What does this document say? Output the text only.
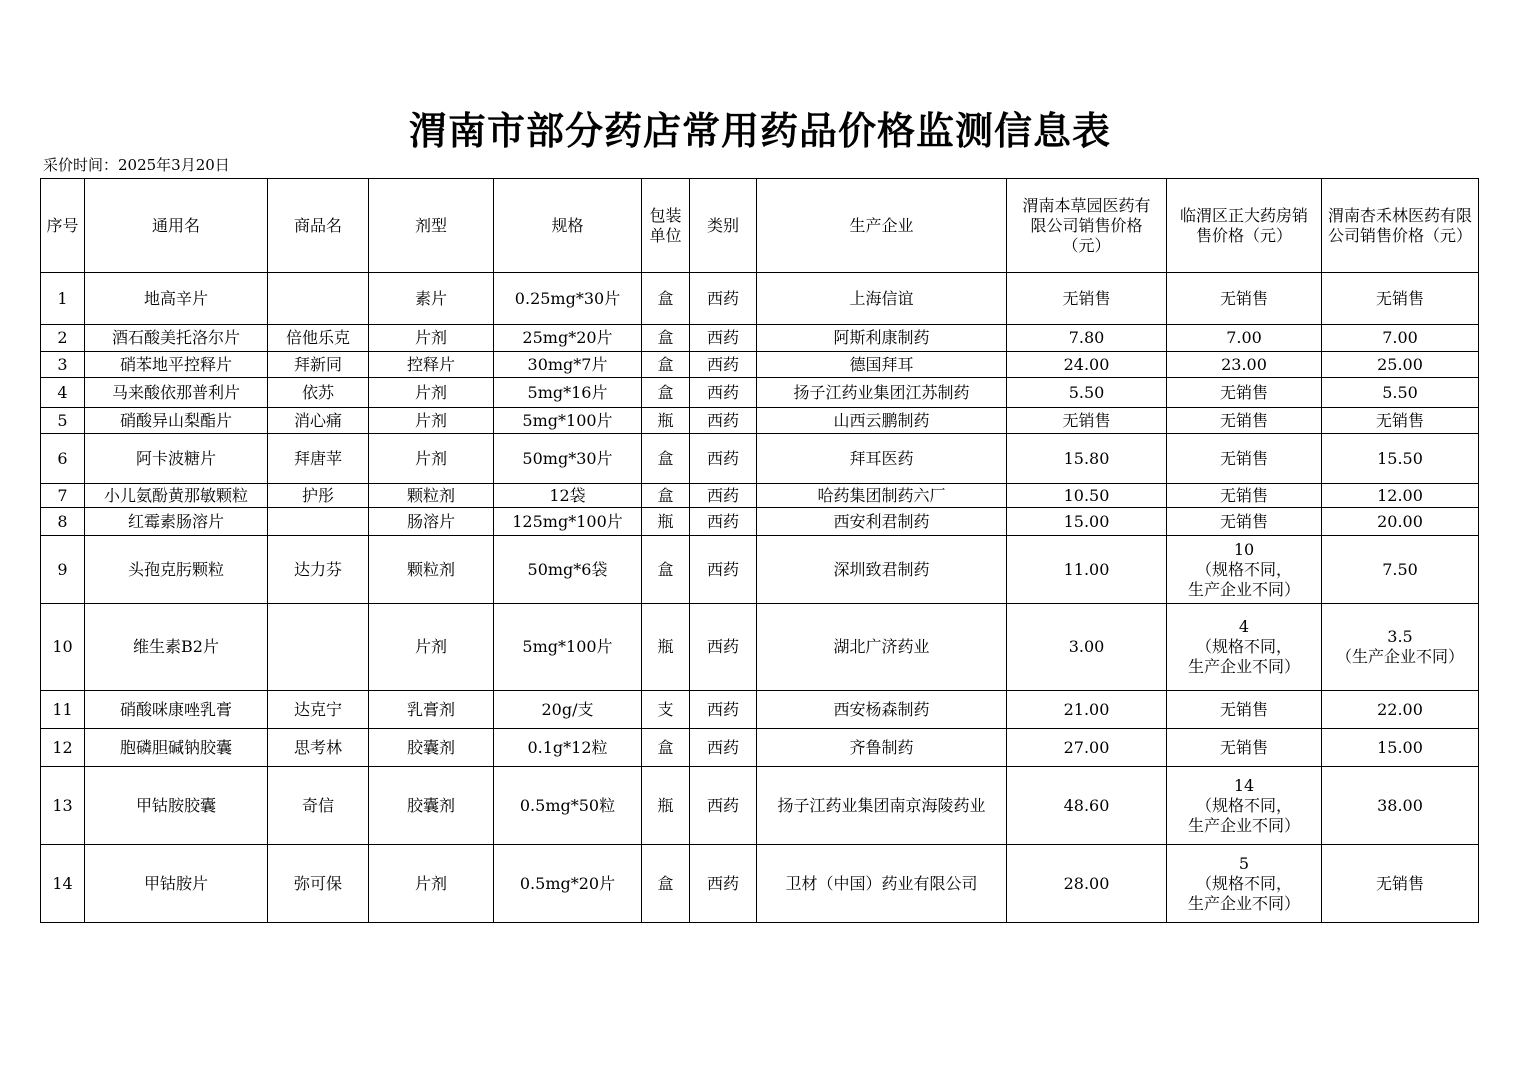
渭南市部分药店常用药品价格监测信息表
采价时间：2025年3月20日
序号	通用名	商品名	剂型	规格	包装单位	类别	生产企业	渭南本草园医药有限公司销售价格（元）	临渭区正大药房销售价格（元）	渭南杏禾林医药有限公司销售价格（元）
1	地高辛片		素片	0.25mg*30片	盒	西药	上海信谊	无销售	无销售	无销售
2	酒石酸美托洛尔片	倍他乐克	片剂	25mg*20片	盒	西药	阿斯利康制药	7.80	7.00	7.00
3	硝苯地平控释片	拜新同	控释片	30mg*7片	盒	西药	德国拜耳	24.00	23.00	25.00
4	马来酸依那普利片	依苏	片剂	5mg*16片	盒	西药	扬子江药业集团江苏制药	5.50	无销售	5.50
5	硝酸异山梨酯片	消心痛	片剂	5mg*100片	瓶	西药	山西云鹏制药	无销售	无销售	无销售
6	阿卡波糖片	拜唐苹	片剂	50mg*30片	盒	西药	拜耳医药	15.80	无销售	15.50
7	小儿氨酚黄那敏颗粒	护彤	颗粒剂	12袋	盒	西药	哈药集团制药六厂	10.50	无销售	12.00
8	红霉素肠溶片		肠溶片	125mg*100片	瓶	西药	西安利君制药	15.00	无销售	20.00
9	头孢克肟颗粒	达力芬	颗粒剂	50mg*6袋	盒	西药	深圳致君制药	11.00	10
（规格不同，
生产企业不同）	7.50
10	维生素B2片		片剂	5mg*100片	瓶	西药	湖北广济药业	3.00	4
（规格不同，
生产企业不同）	3.5
（生产企业不同）
11	硝酸咪康唑乳膏	达克宁	乳膏剂	20g/支	支	西药	西安杨森制药	21.00	无销售	22.00
12	胞磷胆碱钠胶囊	思考林	胶囊剂	0.1g*12粒	盒	西药	齐鲁制药	27.00	无销售	15.00
13	甲钴胺胶囊	奇信	胶囊剂	0.5mg*50粒	瓶	西药	扬子江药业集团南京海陵药业	48.60	14
（规格不同，
生产企业不同）	38.00
14	甲钴胺片	弥可保	片剂	0.5mg*20片	盒	西药	卫材（中国）药业有限公司	28.00	5
（规格不同，
生产企业不同）	无销售
